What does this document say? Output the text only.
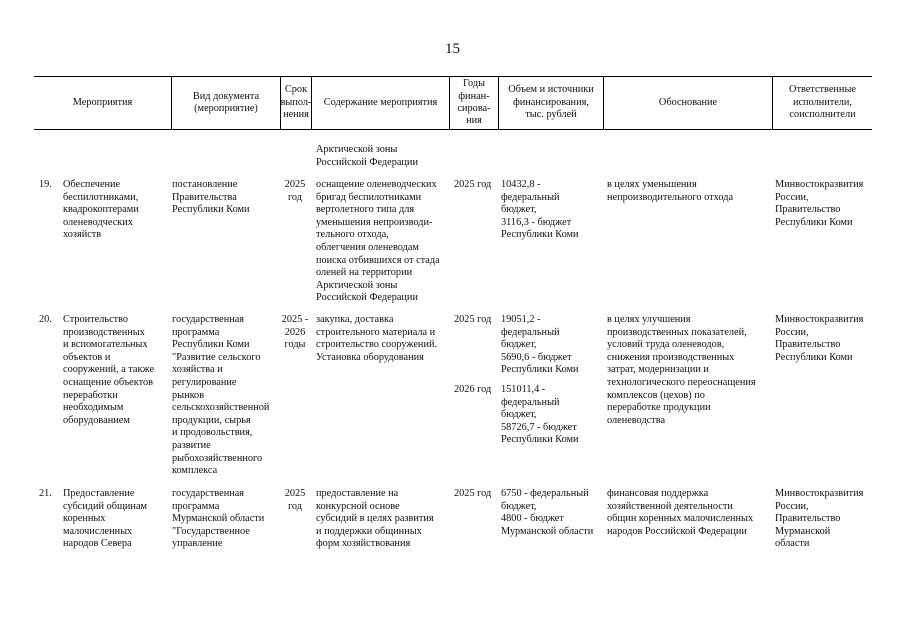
15
Мероприятия
Вид документа
(мероприятие)
Срок
выпол-
нения
Содержание мероприятия
Годы
финан-
сирова-
ния
Объем и источники
финансирования,
тыс. рублей
Обоснование
Ответственные
исполнители,
соисполнители
Арктической зоны
Российской Федерации
19. Обеспечение
беспилотниками,
квадрокоптерами
оленеводческих
хозяйств
постановление
Правительства
Республики Коми
2025
год
оснащение оленеводческих
бригад беспилотниками
вертолетного типа для
уменьшения непроизводи-
тельного отхода,
облегчения оленеводам
поиска отбившихся от стада
оленей на территории
Арктической зоны
Российской Федерации
2025 год 10432,8 -
федеральный
бюджет,
3116,3 - бюджет
Республики Коми
в целях уменьшения
непроизводительного отхода
Минвостокразвития
России,
Правительство
Республики Коми
20. Строительство
производственных
и вспомогательных
объектов и
сооружений, а также
оснащение объектов
переработки
необходимым
оборудованием
государственная
программа
Республики Коми
"Развитие сельского
хозяйства и
регулирование
рынков
сельскохозяйственной
продукции, сырья
и продовольствия,
развитие
рыбохозяйственного
комплекса
2025 -
2026
годы
закупка, доставка
строительного материала и
строительство сооружений.
Установка оборудования
2025 год 19051,2 -
федеральный
бюджет,
5690,6 - бюджет
Республики Коми
2026 год 151011,4 -
федеральный
бюджет,
58726,7 - бюджет
Республики Коми
в целях улучшения
производственных показателей,
условий труда оленеводов,
снижения производственных
затрат, модернизации и
технологического переоснащения
комплексов (цехов) по
переработке продукции
оленеводства
Минвостокразвития
России,
Правительство
Республики Коми
21. Предоставление
субсидий общинам
коренных
малочисленных
народов Севера
государственная
программа
Мурманской области
"Государственное
управление
2025
год
предоставление на
конкурсной основе
субсидий в целях развития
и поддержки общинных
форм хозяйствования
2025 год 6750 - федеральный
бюджет,
4800 - бюджет
Мурманской области
финансовая поддержка
хозяйственной деятельности
общин коренных малочисленных
народов Российской Федерации
Минвостокразвития
России,
Правительство
Мурманской
области
